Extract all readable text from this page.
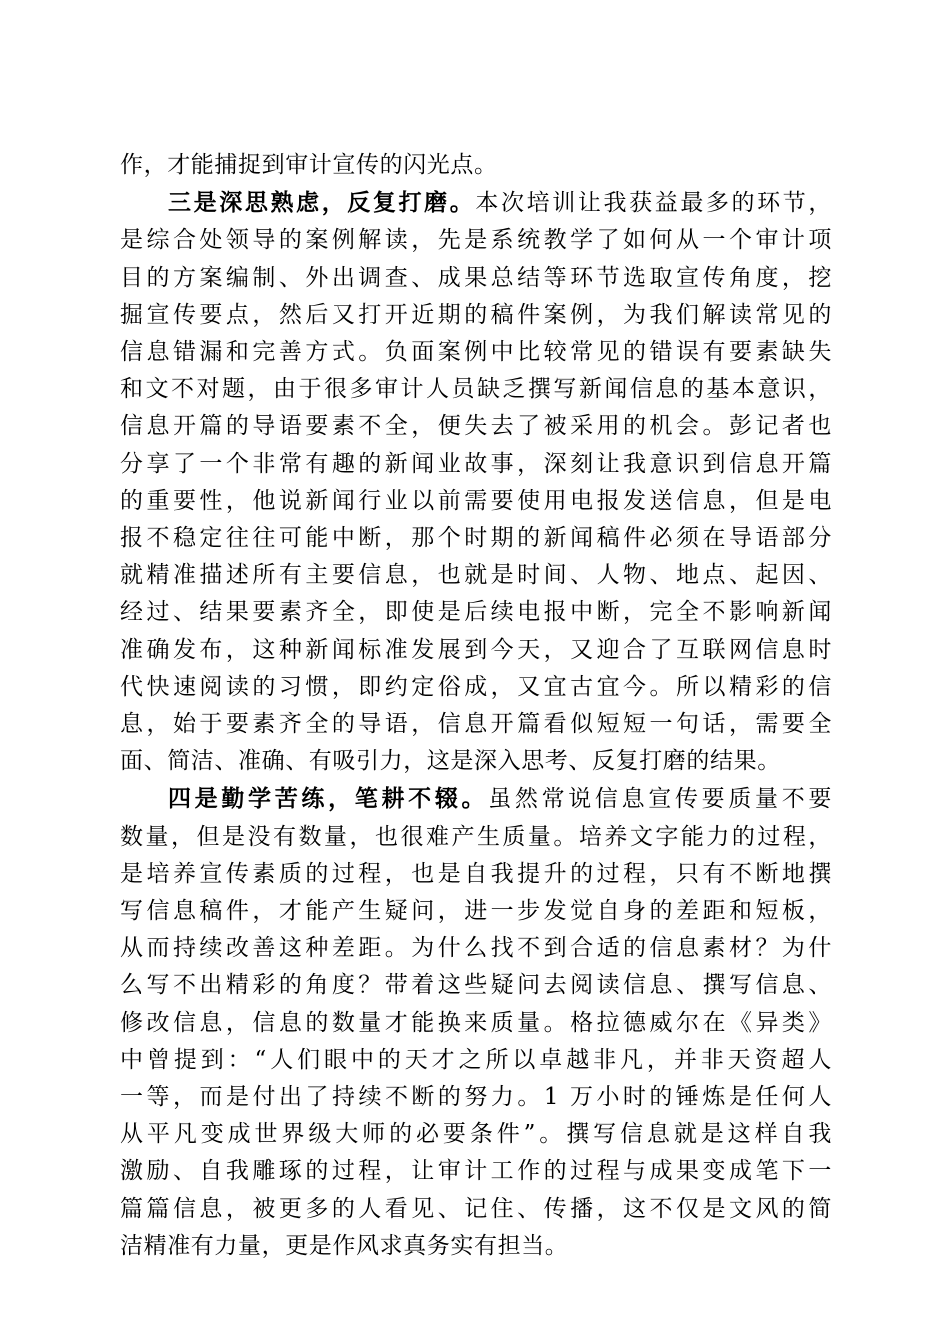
作，才能捕捉到审计宣传的闪光点。

三是深思熟虑，反复打磨。本次培训让我获益最多的环节，
是综合处领导的案例解读，先是系统教学了如何从一个审计项
目的方案编制、外出调查、成果总结等环节选取宣传角度，挖
掘宣传要点，然后又打开近期的稿件案例，为我们解读常见的
信息错漏和完善方式。负面案例中比较常见的错误有要素缺失
和文不对题，由于很多审计人员缺乏撰写新闻信息的基本意识，
信息开篇的导语要素不全，便失去了被采用的机会。彭记者也
分享了一个非常有趣的新闻业故事，深刻让我意识到信息开篇
的重要性，他说新闻行业以前需要使用电报发送信息，但是电
报不稳定往往可能中断，那个时期的新闻稿件必须在导语部分
就精准描述所有主要信息，也就是时间、人物、地点、起因、
经过、结果要素齐全，即使是后续电报中断，完全不影响新闻
准确发布，这种新闻标准发展到今天，又迎合了互联网信息时
代快速阅读的习惯，即约定俗成，又宜古宜今。所以精彩的信
息，始于要素齐全的导语，信息开篇看似短短一句话，需要全
面、简洁、准确、有吸引力，这是深入思考、反复打磨的结果。

四是勤学苦练，笔耕不辍。虽然常说信息宣传要质量不要
数量，但是没有数量，也很难产生质量。培养文字能力的过程，
是培养宣传素质的过程，也是自我提升的过程，只有不断地撰
写信息稿件，才能产生疑问，进一步发觉自身的差距和短板，
从而持续改善这种差距。为什么找不到合适的信息素材？为什
么写不出精彩的角度？带着这些疑问去阅读信息、撰写信息、
修改信息，信息的数量才能换来质量。格拉德威尔在《异类》
中曾提到：“人们眼中的天才之所以卓越非凡，并非天资超人
一等，而是付出了持续不断的努力。1 万小时的锤炼是任何人
从平凡变成世界级大师的必要条件”。撰写信息就是这样自我
激励、自我雕琢的过程，让审计工作的过程与成果变成笔下一
篇篇信息，被更多的人看见、记住、传播，这不仅是文风的简
洁精准有力量，更是作风求真务实有担当。
